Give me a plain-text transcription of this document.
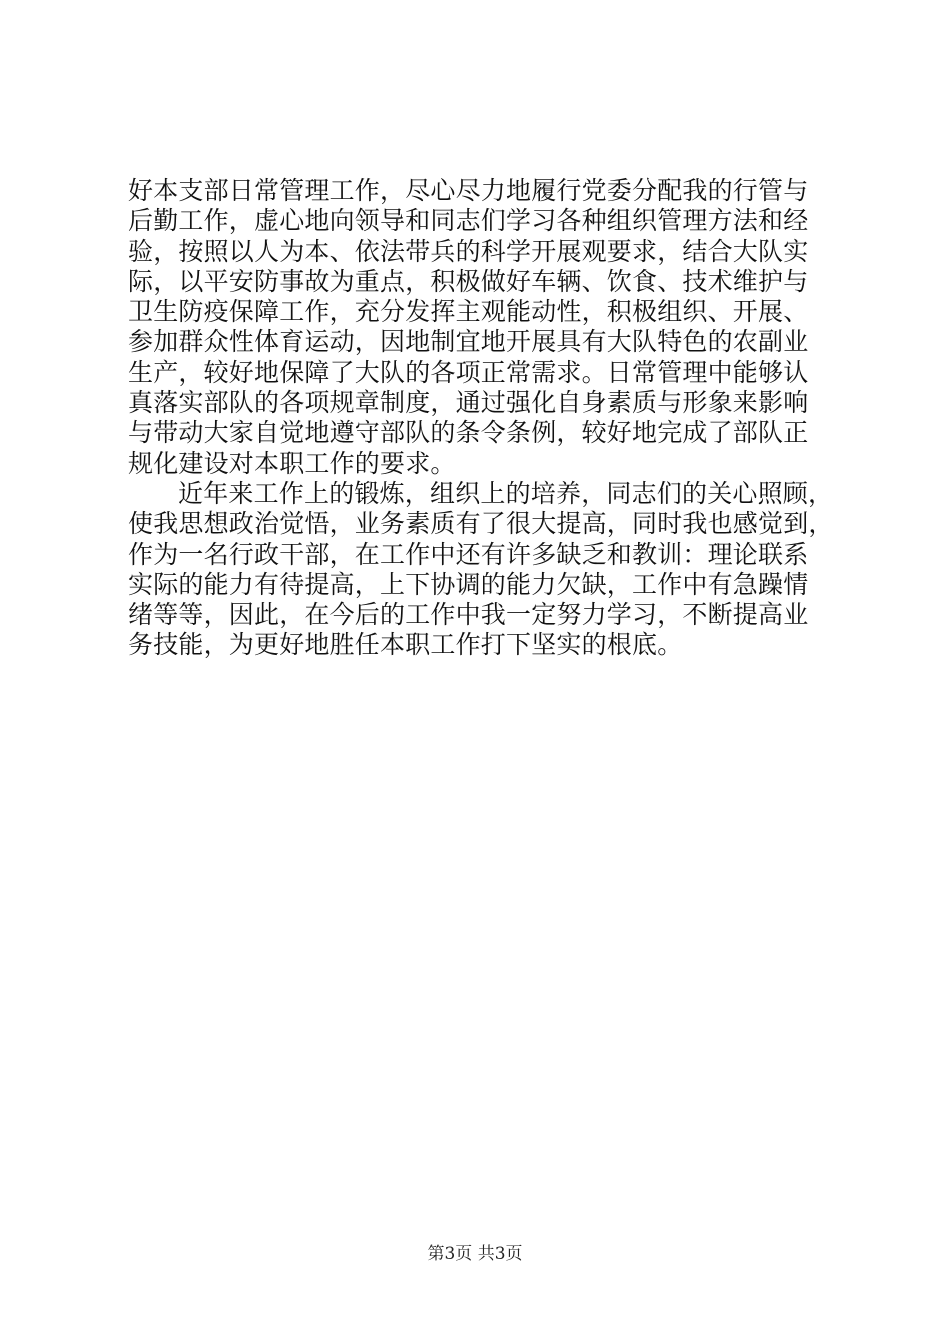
好本支部日常管理工作，尽心尽力地履行党委分配我的行管与
后勤工作，虚心地向领导和同志们学习各种组织管理方法和经
验，按照以人为本、依法带兵的科学开展观要求，结合大队实
际，以平安防事故为重点，积极做好车辆、饮食、技术维护与
卫生防疫保障工作，充分发挥主观能动性，积极组织、开展、
参加群众性体育运动，因地制宜地开展具有大队特色的农副业
生产，较好地保障了大队的各项正常需求。日常管理中能够认
真落实部队的各项规章制度，通过强化自身素质与形象来影响
与带动大家自觉地遵守部队的条令条例，较好地完成了部队正
规化建设对本职工作的要求。
近年来工作上的锻炼，组织上的培养，同志们的关心照顾，
使我思想政治觉悟，业务素质有了很大提高，同时我也感觉到，
作为一名行政干部，在工作中还有许多缺乏和教训：理论联系
实际的能力有待提高，上下协调的能力欠缺，工作中有急躁情
绪等等，因此，在今后的工作中我一定努力学习，不断提高业
务技能，为更好地胜任本职工作打下坚实的根底。
第3页 共3页
